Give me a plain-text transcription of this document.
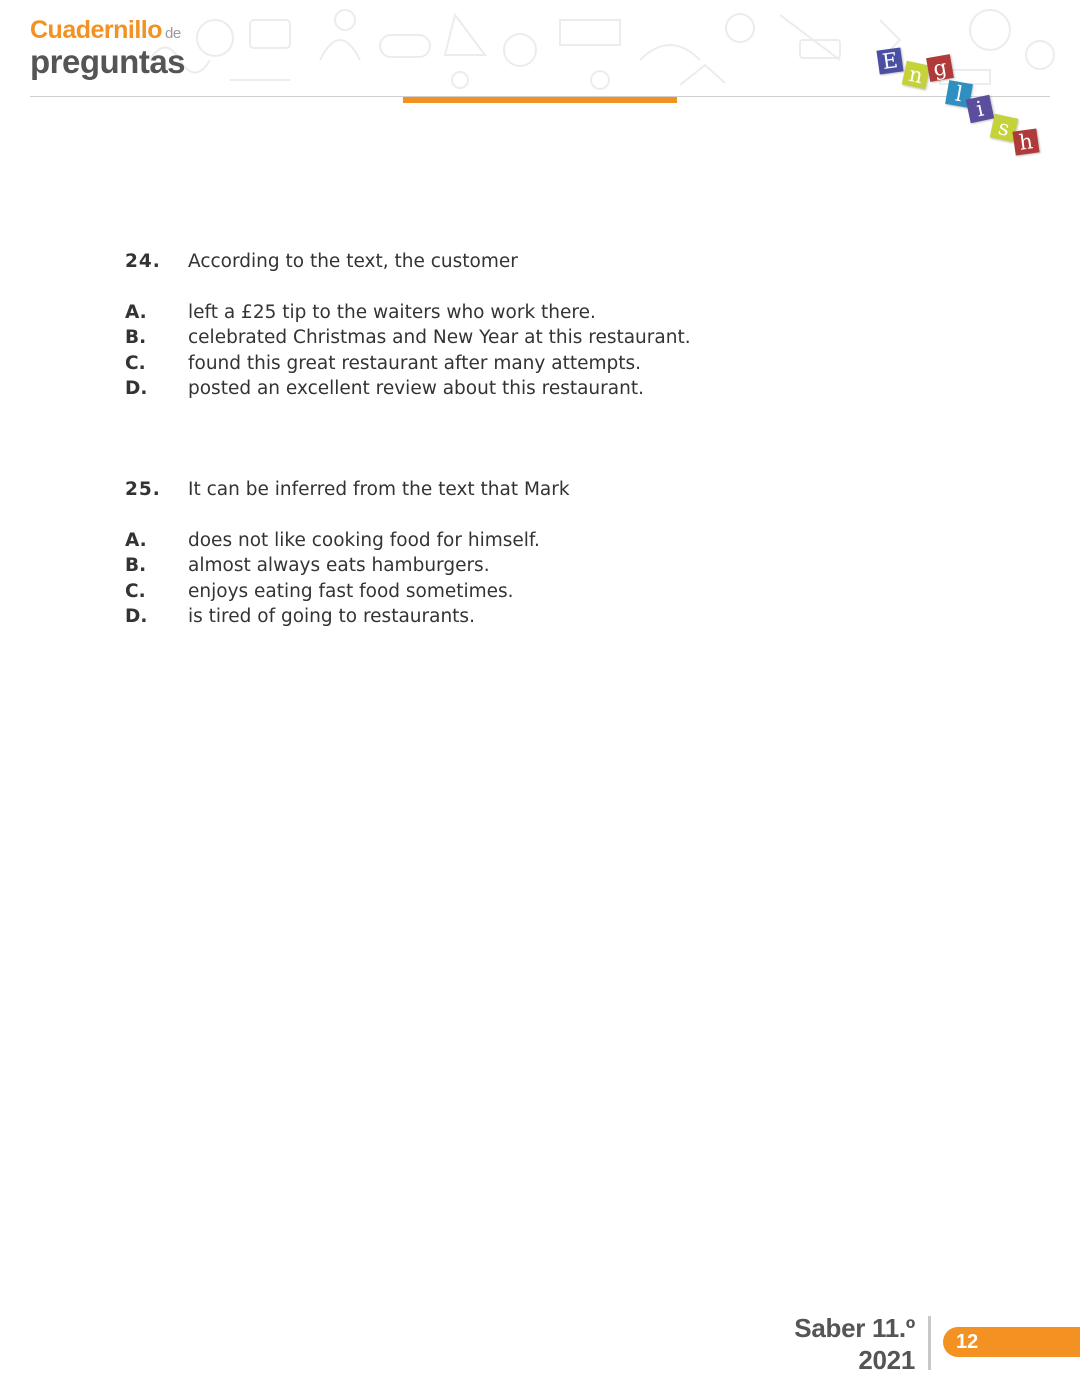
Cuadernillo de
preguntas	E
n g
l
i
s
h
24. According to the text, the customer
A. left a £25 tip to the waiters who work there.
B. celebrated Christmas and New Year at this restaurant.
C. found this great restaurant after many attempts.
D. posted an excellent review about this restaurant.
25. It can be inferred from the text that Mark
A. does not like cooking food for himself.
B. almost always eats hamburgers.
C. enjoys eating fast food sometimes.
D. is tired of going to restaurants.
Saber 11.º
2021
12
